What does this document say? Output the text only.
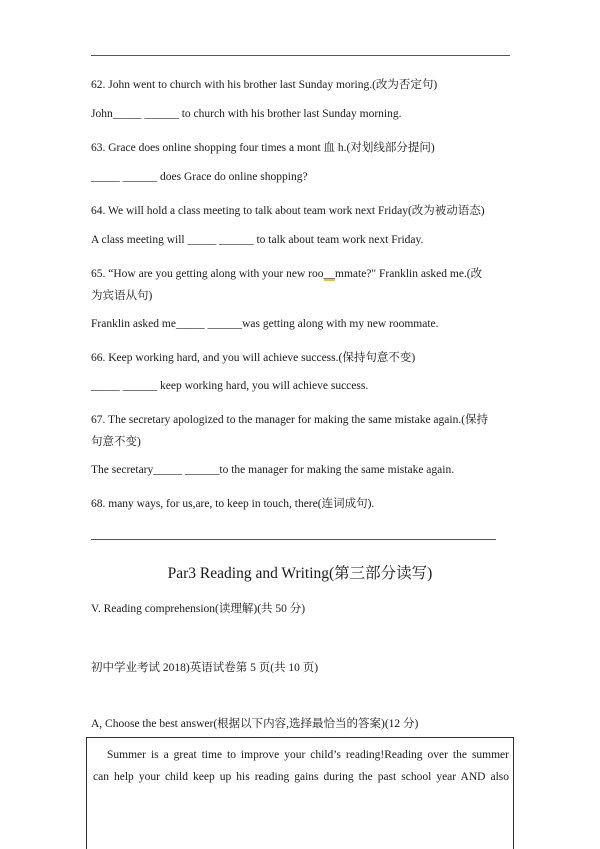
62. John went to church with his brother last Sunday moring.(改为否定句)
John_____ ______ to church with his brother last Sunday morning.
63. Grace does online shopping four times a mont 血 h.(对划线部分提问)
_____ ______ does Grace do online shopping?
64. We will hold a class meeting to talk about team work next Friday(改为被动语态)
A class meeting will _____ ______ to talk about team work next Friday.
65. “How are you getting along with your new roo__mmate?" Franklin asked me.(改
为宾语从句)
Franklin asked me_____ ______was getting along with my new roommate.
66. Keep working hard, and you will achieve success.(保持句意不变)
_____ ______ keep working hard, you will achieve success.
67. The secretary apologized to the manager for making the same mistake again.(保持
句意不变)
The secretary_____ ______to the manager for making the same mistake again.
68. many ways, for us,are, to keep in touch, there(连词成句).
Par3 Reading and Writing(第三部分读写)
V. Reading comprehension(读理解)(共 50 分)
初中学业考试 2018)英语试卷第 5 页(共 10 页)
A, Choose the best answer(根据以下内容,选择最恰当的答案)(12 分)
Summer is a great time to improve your child’s reading!Reading over the summer
can help your child keep up his reading gains during the past school year AND also
